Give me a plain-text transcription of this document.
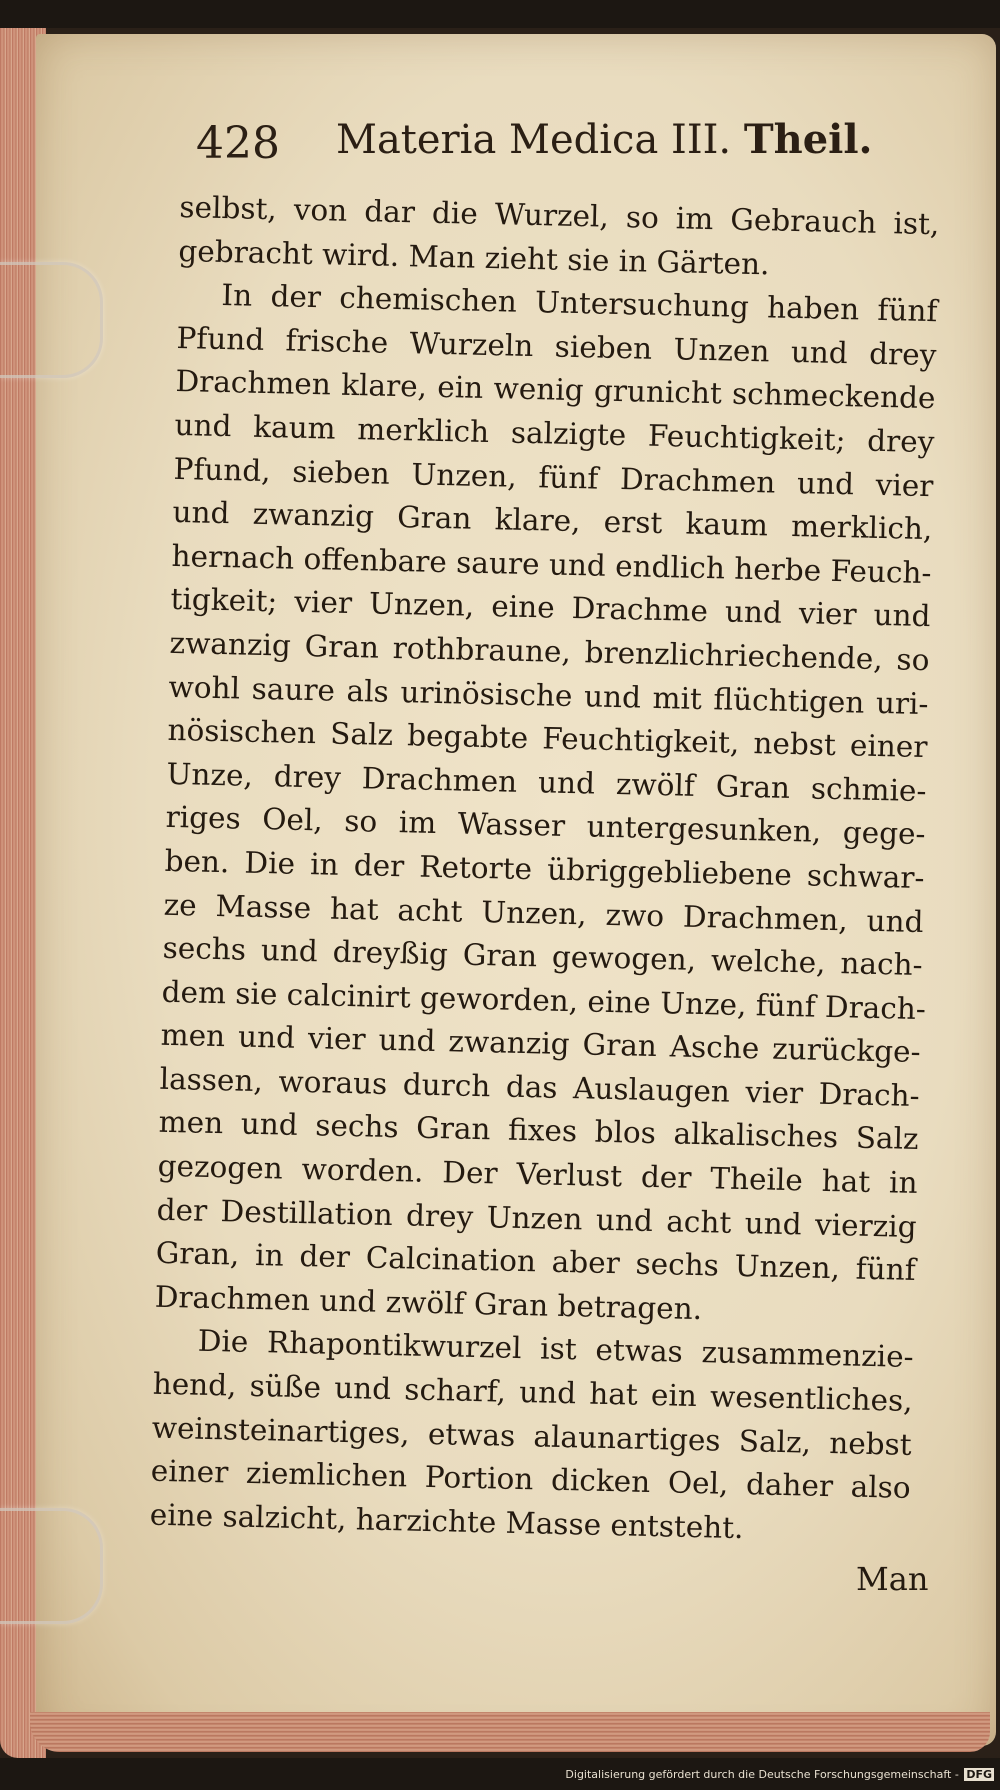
428 Materia Medica III. Theil.
selbst, von dar die Wurzel, so im Gebrauch ist,
gebracht wird. Man zieht sie in Gärten.
In der chemischen Untersuchung haben fünf
Pfund frische Wurzeln sieben Unzen und drey
Drachmen klare, ein wenig grunicht schmeckende
und kaum merklich salzigte Feuchtigkeit; drey
Pfund, sieben Unzen, fünf Drachmen und vier
und zwanzig Gran klare, erst kaum merklich,
hernach offenbare saure und endlich herbe Feuch-
tigkeit; vier Unzen, eine Drachme und vier und
zwanzig Gran rothbraune, brenzlichriechende, so
wohl saure als urinösische und mit flüchtigen uri-
nösischen Salz begabte Feuchtigkeit, nebst einer
Unze, drey Drachmen und zwölf Gran schmie-
riges Oel, so im Wasser untergesunken, gege-
ben. Die in der Retorte übriggebliebene schwar-
ze Masse hat acht Unzen, zwo Drachmen, und
sechs und dreyßig Gran gewogen, welche, nach-
dem sie calcinirt geworden, eine Unze, fünf Drach-
men und vier und zwanzig Gran Asche zurückge-
lassen, woraus durch das Auslaugen vier Drach-
men und sechs Gran fixes blos alkalisches Salz
gezogen worden. Der Verlust der Theile hat in
der Destillation drey Unzen und acht und vierzig
Gran, in der Calcination aber sechs Unzen, fünf
Drachmen und zwölf Gran betragen.
Die Rhapontikwurzel ist etwas zusammenzie-
hend, süße und scharf, und hat ein wesentliches,
weinsteinartiges, etwas alaunartiges Salz, nebst
einer ziemlichen Portion dicken Oel, daher also
eine salzicht, harzichte Masse entsteht.
Man
Digitalisierung gefördert durch die Deutsche Forschungsgemeinschaft - DFG
